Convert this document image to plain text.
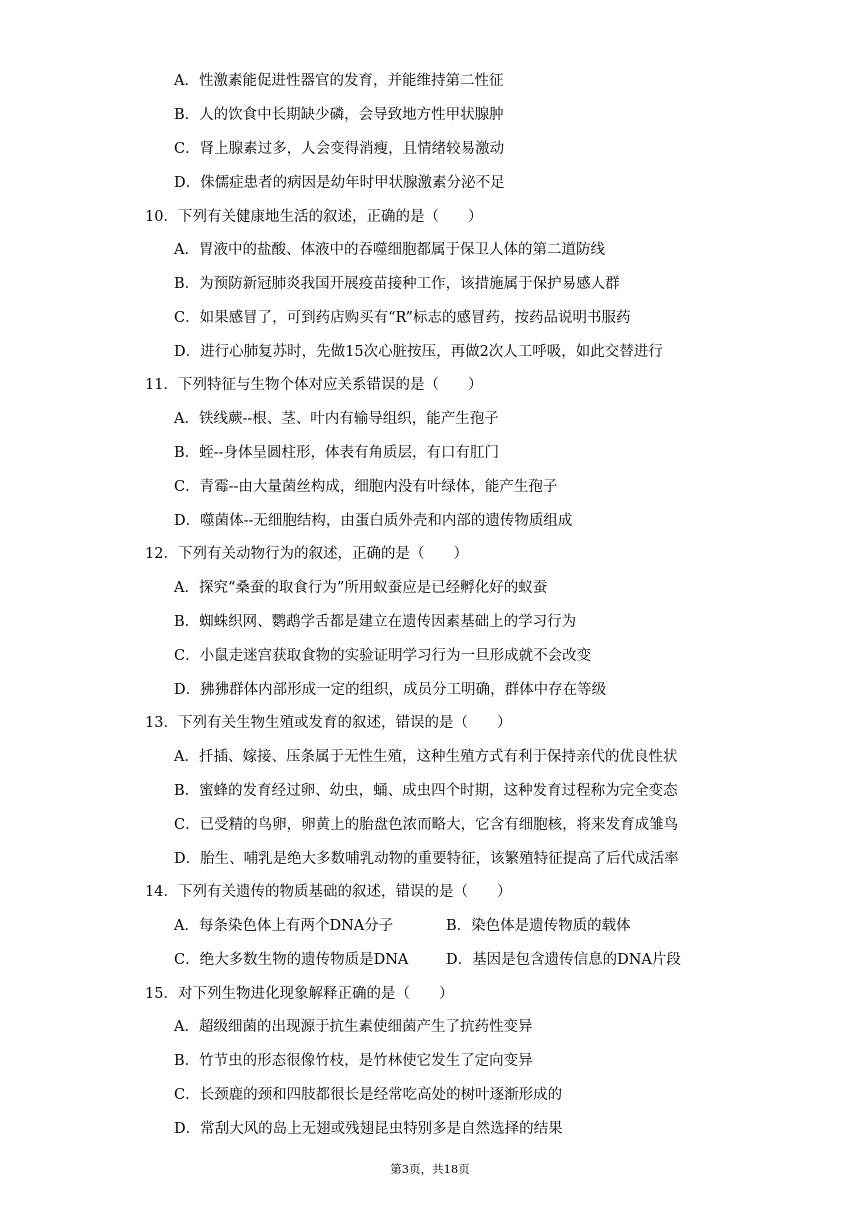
A．性激素能促进性器官的发育，并能维持第二性征
B．人的饮食中长期缺少磷，会导致地方性甲状腺肿
C．肾上腺素过多，人会变得消瘦，且情绪较易激动
D．侏儒症患者的病因是幼年时甲状腺激素分泌不足
10．下列有关健康地生活的叙述，正确的是（　　）
A．胃液中的盐酸、体液中的吞噬细胞都属于保卫人体的第二道防线
B．为预防新冠肺炎我国开展疫苗接种工作，该措施属于保护易感人群
C．如果感冒了，可到药店购买有“R”标志的感冒药，按药品说明书服药
D．进行心肺复苏时，先做15次心脏按压，再做2次人工呼吸，如此交替进行
11．下列特征与生物个体对应关系错误的是（　　）
A．铁线蕨--根、茎、叶内有输导组织，能产生孢子
B．蛭--身体呈圆柱形，体表有角质层，有口有肛门
C．青霉--由大量菌丝构成，细胞内没有叶绿体，能产生孢子
D．噬菌体--无细胞结构，由蛋白质外壳和内部的遗传物质组成
12．下列有关动物行为的叙述，正确的是（　　）
A．探究“桑蚕的取食行为”所用蚁蚕应是已经孵化好的蚁蚕
B．蜘蛛织网、鹦鹉学舌都是建立在遗传因素基础上的学习行为
C．小鼠走迷宫获取食物的实验证明学习行为一旦形成就不会改变
D．狒狒群体内部形成一定的组织，成员分工明确，群体中存在等级
13．下列有关生物生殖或发育的叙述，错误的是（　　）
A．扦插、嫁接、压条属于无性生殖，这种生殖方式有利于保持亲代的优良性状
B．蜜蜂的发育经过卵、幼虫，蛹、成虫四个时期，这种发育过程称为完全变态
C．已受精的鸟卵，卵黄上的胎盘色浓而略大，它含有细胞核，将来发育成雏鸟
D．胎生、哺乳是绝大多数哺乳动物的重要特征，该繁殖特征提高了后代成活率
14．下列有关遗传的物质基础的叙述，错误的是（　　）
A．每条染色体上有两个DNA分子	B．染色体是遗传物质的载体
C．绝大多数生物的遗传物质是DNA	D．基因是包含遗传信息的DNA片段
15．对下列生物进化现象解释正确的是（　　）
A．超级细菌的出现源于抗生素使细菌产生了抗药性变异
B．竹节虫的形态很像竹枝，是竹林使它发生了定向变异
C．长颈鹿的颈和四肢都很长是经常吃高处的树叶逐渐形成的
D．常刮大风的岛上无翅或残翅昆虫特别多是自然选择的结果
第3页，共18页
